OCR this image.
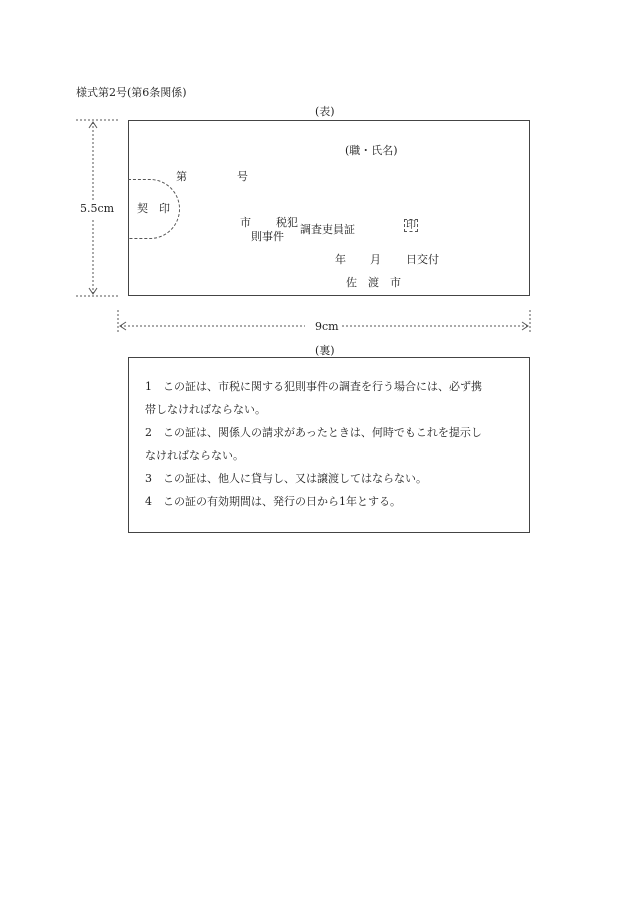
様式第2号(第6条関係)
(表)
5.5cm
(職・氏名)
第	号
契　印
市 税犯
則事件
調査吏員証	印
年 月 日交付
佐　渡　市
9cm
(裏)
1　この証は、市税に関する犯則事件の調査を行う場合には、必ず携
帯しなければならない。
2　この証は、関係人の請求があったときは、何時でもこれを提示し
なければならない。
3　この証は、他人に貸与し、又は譲渡してはならない。
4　この証の有効期間は、発行の日から1年とする。
